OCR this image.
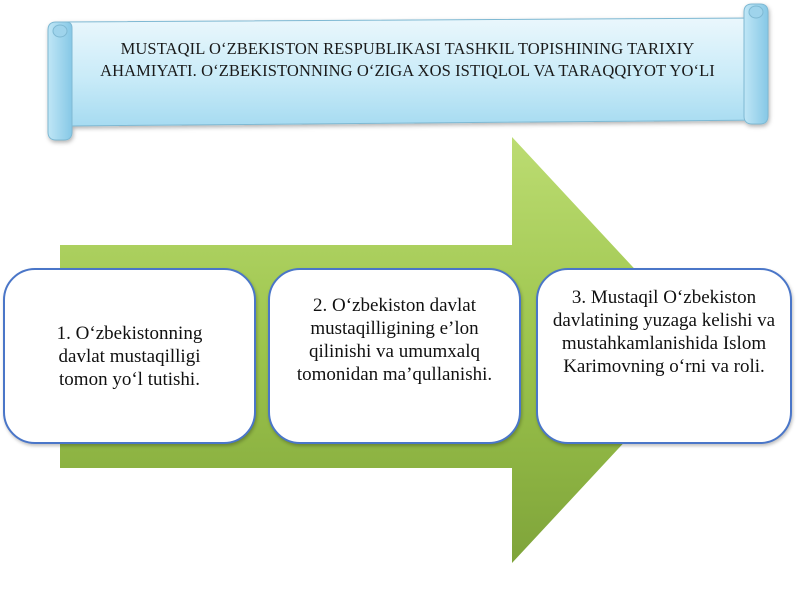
MUSTAQIL O‘ZBEKISTON RESPUBLIKASI TASHKIL TOPISHINING TARIXIY AHAMIYATI. O‘ZBEKISTONNING O‘ZIGA XOS ISTIQLOL VA TARAQQIYOT YO‘LI
1. O‘zbekistonning davlat mustaqilligi tomon yo‘l tutishi.
2. O‘zbekiston davlat mustaqilligining e’lon qilinishi va umumxalq tomonidan ma’qullanishi.
3. Mustaqil O‘zbekiston davlatining yuzaga kelishi va mustahkamlanishida Islom Karimovning o‘rni va roli.
